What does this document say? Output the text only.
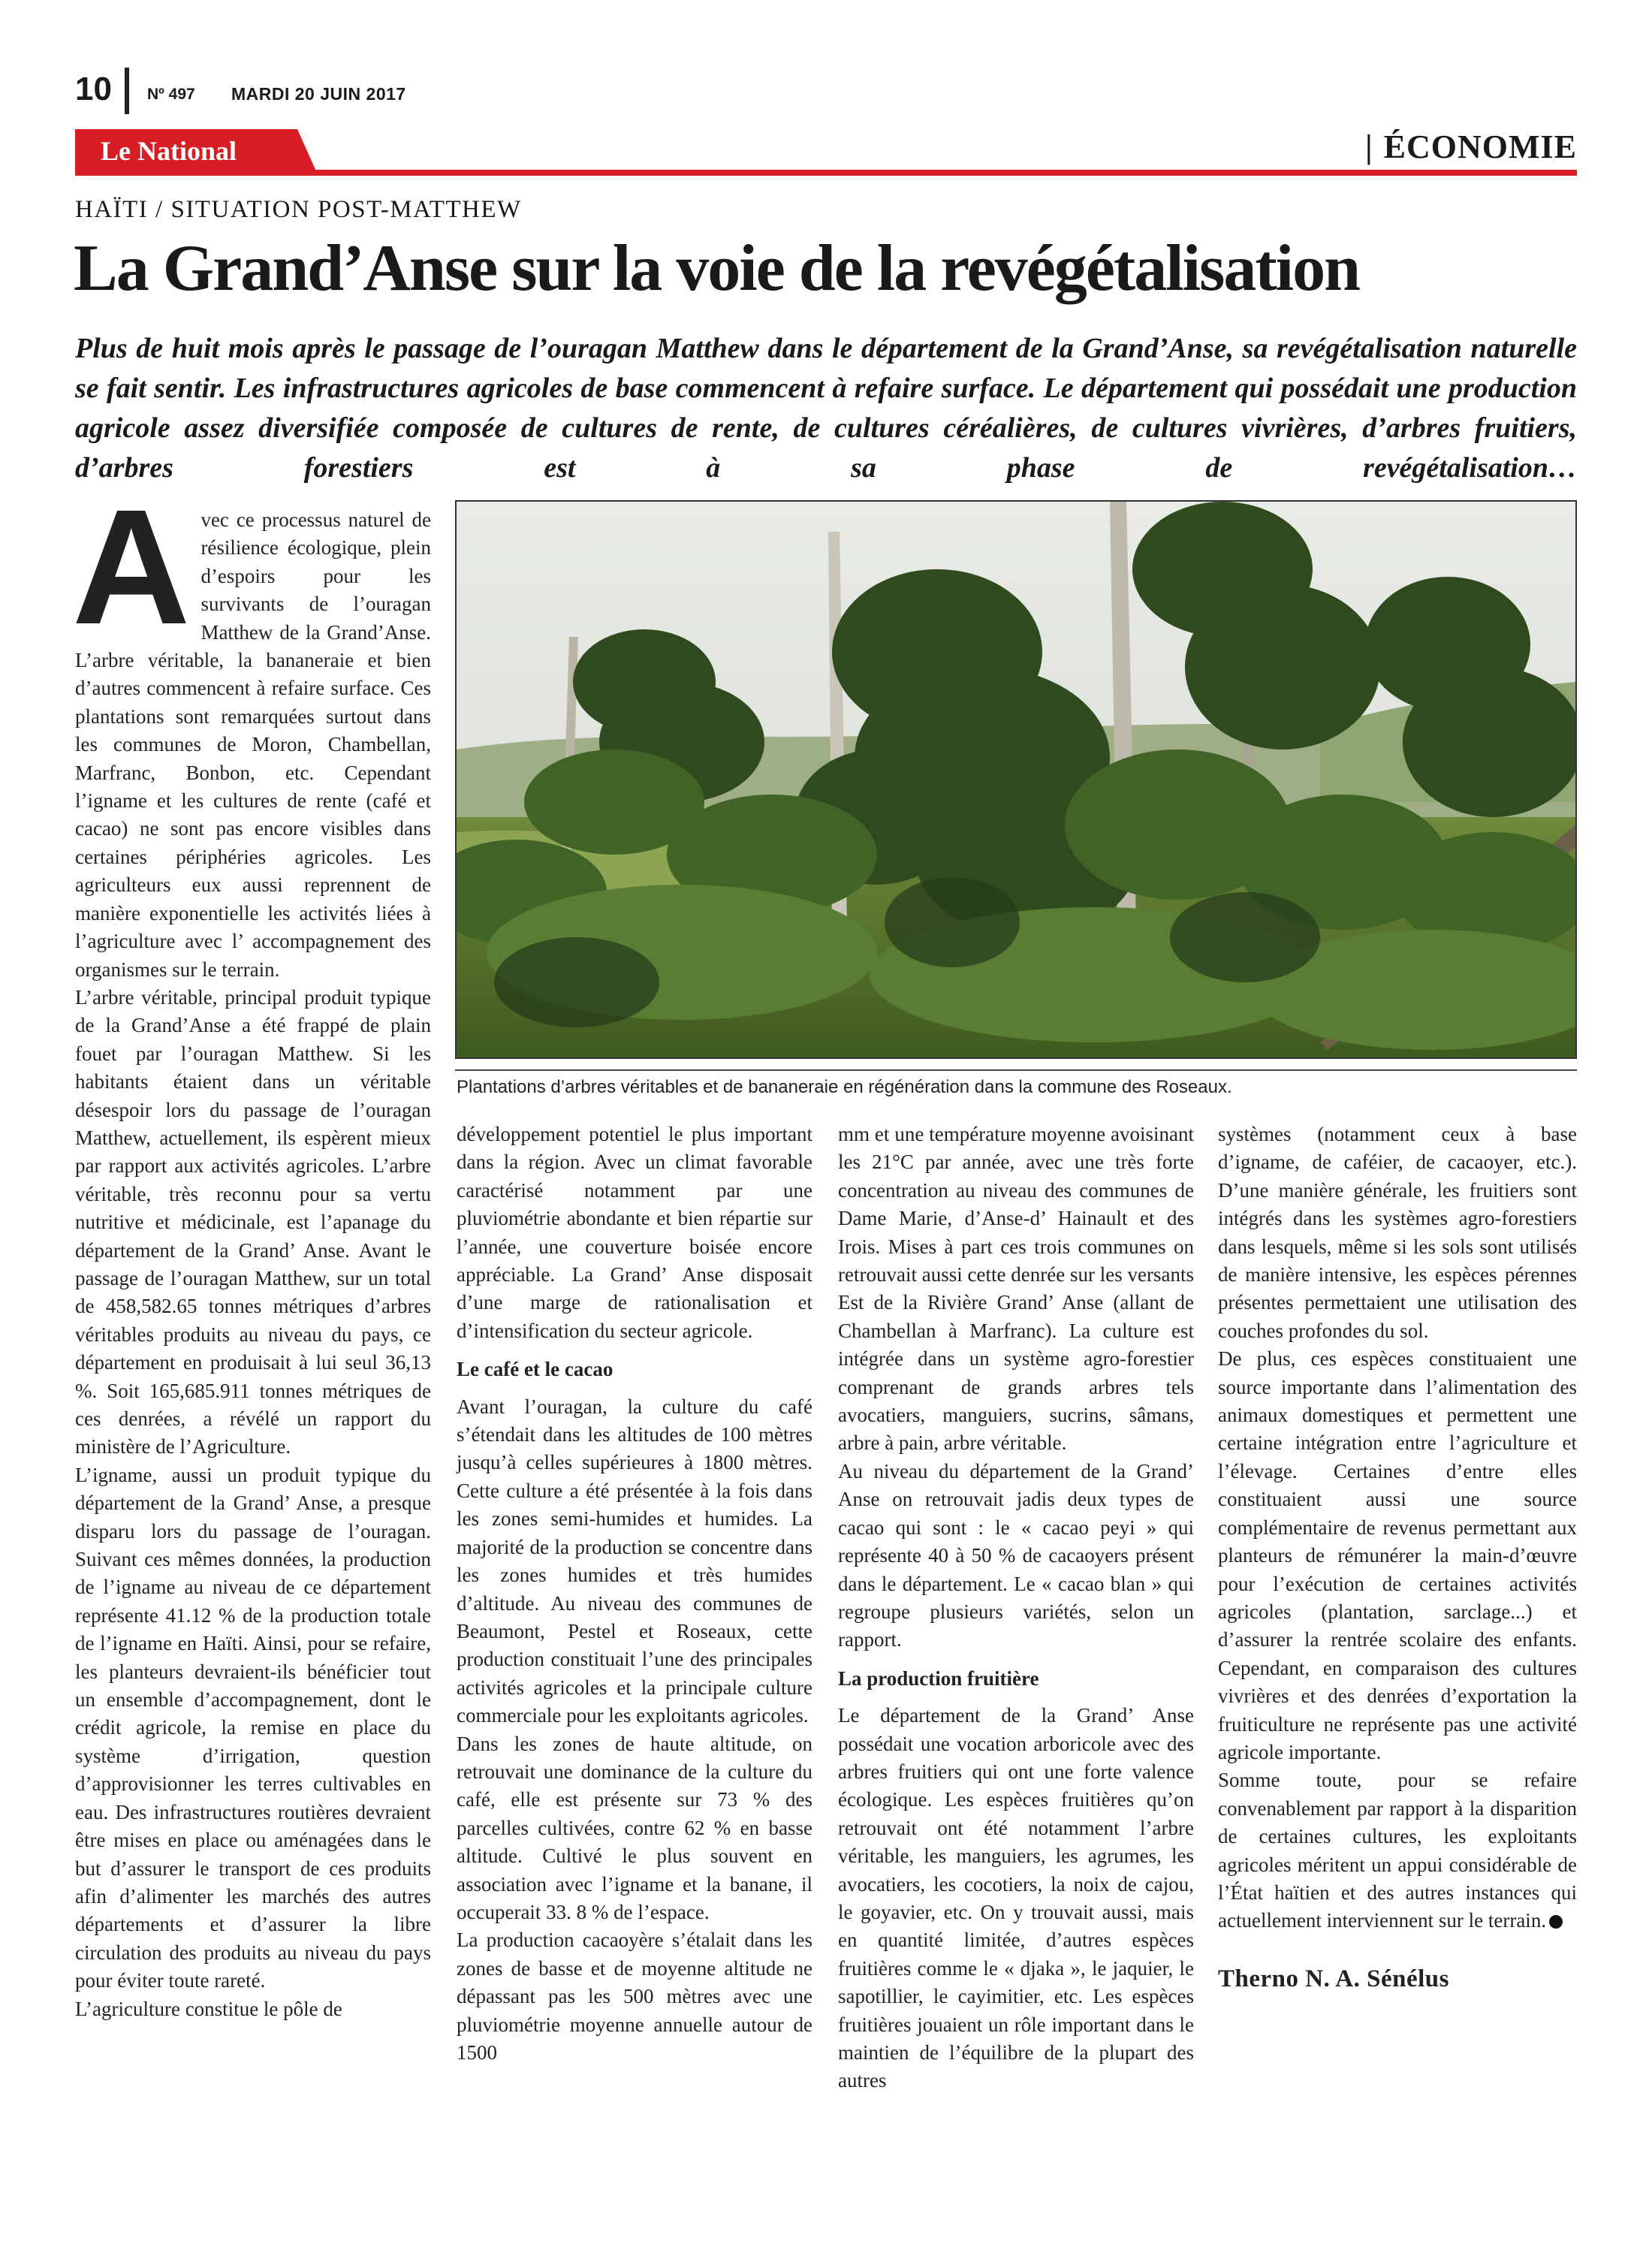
10 Nº 497 MARDI 20 JUIN 2017
Le National	| ÉCONOMIE
HAÏTI / SITUATION POST-MATTHEW
La Grand’Anse sur la voie de la revégétalisation
Plus de huit mois après le passage de l’ouragan Matthew dans le département de la Grand’Anse, sa revégétalisation naturelle se fait sentir. Les infrastructures agricoles de base commencent à refaire surface. Le département qui possédait une production agricole assez diversifiée composée de cultures de rente, de cultures céréalières, de cultures vivrières, d’arbres fruitiers, d’arbres forestiers est à sa phase de revégétalisation…
Plantations d’arbres véritables et de bananeraie en régénération dans la commune des Roseaux.

Avec ce processus naturel de résilience écologique, plein d’espoirs pour les survivants de l’ouragan Matthew de la Grand’Anse. L’arbre véritable, la bananeraie et bien d’autres commencent à refaire surface. Ces plantations sont remarquées surtout dans les communes de Moron, Chambellan, Marfranc, Bonbon, etc. Cependant l’igname et les cultures de rente (café et cacao) ne sont pas encore visibles dans certaines périphéries agricoles. Les agriculteurs eux aussi reprennent de manière exponentielle les activités liées à l’agriculture avec l’ accompagnement des organismes sur le terrain.

L’arbre véritable, principal produit typique de la Grand’Anse a été frappé de plain fouet par l’ouragan Matthew. Si les habitants étaient dans un véritable désespoir lors du passage de l’ouragan Matthew, actuellement, ils espèrent mieux par rapport aux activités agricoles. L’arbre véritable, très reconnu pour sa vertu nutritive et médicinale, est l’apanage du département de la Grand’ Anse. Avant le passage de l’ouragan Matthew, sur un total de 458,582.65 tonnes métriques d’arbres véritables produits au niveau du pays, ce département en produisait à lui seul 36,13 %. Soit 165,685.911 tonnes métriques de ces denrées, a révélé un rapport du ministère de l’Agriculture.

L’igname, aussi un produit typique du département de la Grand’ Anse, a presque disparu lors du passage de l’ouragan. Suivant ces mêmes données, la production de l’igname au niveau de ce département représente 41.12 % de la production totale de l’igname en Haïti. Ainsi, pour se refaire, les planteurs devraient-ils bénéficier tout un ensemble d’accompagnement, dont le crédit agricole, la remise en place du système d’irrigation, question d’approvisionner les terres cultivables en eau. Des infrastructures routières devraient être mises en place ou aménagées dans le but d’assurer le transport de ces produits afin d’alimenter les marchés des autres départements et d’assurer la libre circulation des produits au niveau du pays pour éviter toute rareté.

L’agriculture constitue le pôle de

développement potentiel le plus important dans la région. Avec un climat favorable caractérisé notamment par une pluviométrie abondante et bien répartie sur l’année, une couverture boisée encore appréciable. La Grand’ Anse disposait d’une marge de rationalisation et d’intensification du secteur agricole.

Le café et le cacao

Avant l’ouragan, la culture du café s’étendait dans les altitudes de 100 mètres jusqu’à celles supérieures à 1800 mètres. Cette culture a été présentée à la fois dans les zones semi-humides et humides. La majorité de la production se concentre dans les zones humides et très humides d’altitude. Au niveau des communes de Beaumont, Pestel et Roseaux, cette production constituait l’une des principales activités agricoles et la principale culture commerciale pour les exploitants agricoles.

Dans les zones de haute altitude, on retrouvait une dominance de la culture du café, elle est présente sur 73 % des parcelles cultivées, contre 62 % en basse altitude. Cultivé le plus souvent en association avec l’igname et la banane, il occuperait 33. 8 % de l’espace.

La production cacaoyère s’étalait dans les zones de basse et de moyenne altitude ne dépassant pas les 500 mètres avec une pluviométrie moyenne annuelle autour de 1500

mm et une température moyenne avoisinant les 21°C par année, avec une très forte concentration au niveau des communes de Dame Marie, d’Anse-d’ Hainault et des Irois. Mises à part ces trois communes on retrouvait aussi cette denrée sur les versants Est de la Rivière Grand’ Anse (allant de Chambellan à Marfranc). La culture est intégrée dans un système agro-forestier comprenant de grands arbres tels avocatiers, manguiers, sucrins, sâmans, arbre à pain, arbre véritable.

Au niveau du département de la Grand’ Anse on retrouvait jadis deux types de cacao qui sont : le « cacao peyi » qui représente 40 à 50 % de cacaoyers présent dans le département. Le « cacao blan » qui regroupe plusieurs variétés, selon un rapport.

La production fruitière

Le département de la Grand’ Anse possédait une vocation arboricole avec des arbres fruitiers qui ont une forte valence écologique. Les espèces fruitières qu’on retrouvait ont été notamment l’arbre véritable, les manguiers, les agrumes, les avocatiers, les cocotiers, la noix de cajou, le goyavier, etc. On y trouvait aussi, mais en quantité limitée, d’autres espèces fruitières comme le « djaka », le jaquier, le sapotillier, le cayimitier, etc. Les espèces fruitières jouaient un rôle important dans le maintien de l’équilibre de la plupart des autres

systèmes (notamment ceux à base d’igname, de caféier, de cacaoyer, etc.). D’une manière générale, les fruitiers sont intégrés dans les systèmes agro-forestiers dans lesquels, même si les sols sont utilisés de manière intensive, les espèces pérennes présentes permettaient une utilisation des couches profondes du sol.

De plus, ces espèces constituaient une source importante dans l’alimentation des animaux domestiques et permettent une certaine intégration entre l’agriculture et l’élevage. Certaines d’entre elles constituaient aussi une source complémentaire de revenus permettant aux planteurs de rémunérer la main-d’œuvre pour l’exécution de certaines activités agricoles (plantation, sarclage...) et d’assurer la rentrée scolaire des enfants. Cependant, en comparaison des cultures vivrières et des denrées d’exportation la fruiticulture ne représente pas une activité agricole importante.

Somme toute, pour se refaire convenablement par rapport à la disparition de certaines cultures, les exploitants agricoles méritent un appui considérable de l’État haïtien et des autres instances qui actuellement interviennent sur le terrain.

Therno N. A. Sénélus
